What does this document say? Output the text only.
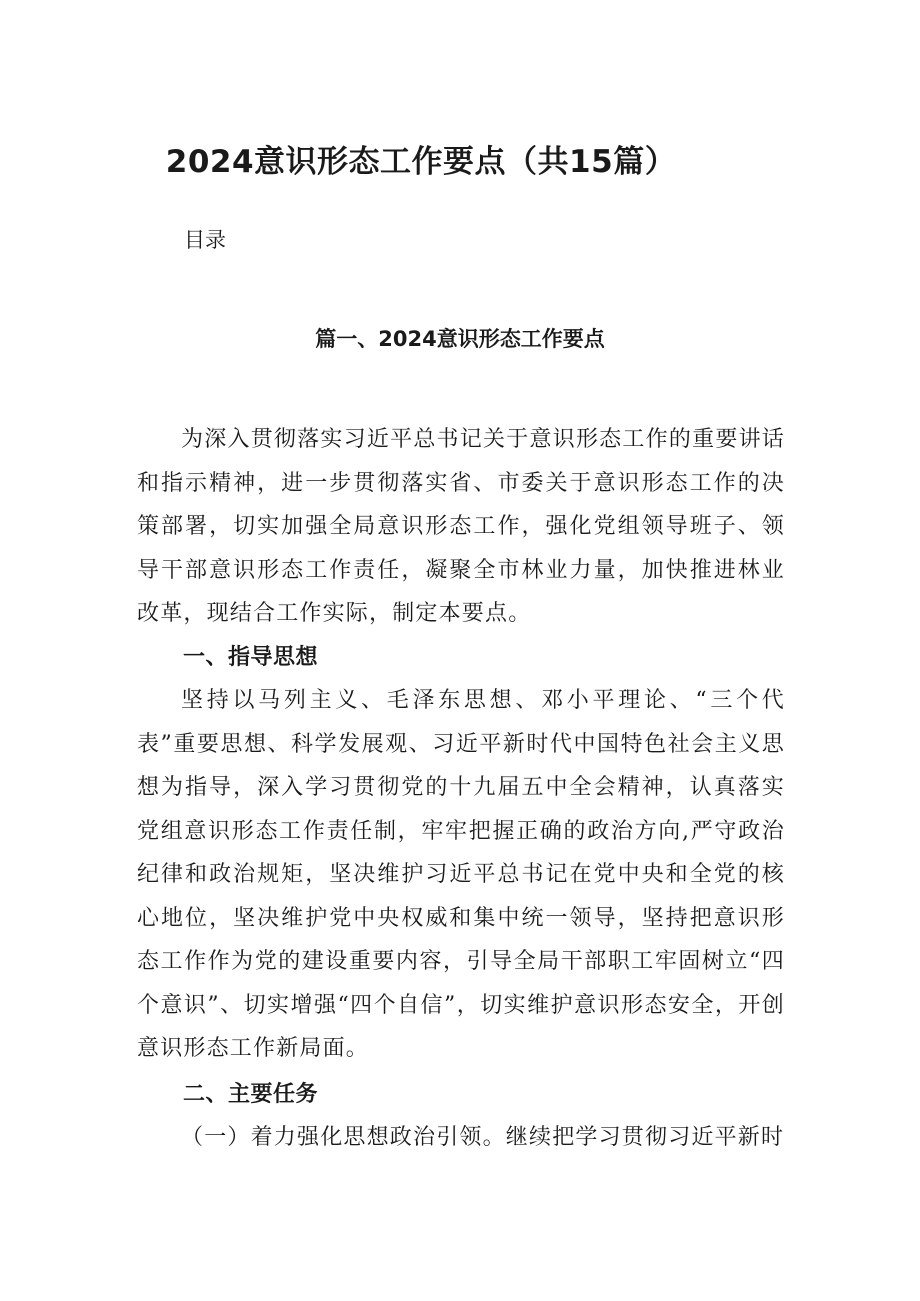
2024意识形态工作要点（共15篇）
目录
篇一、2024意识形态工作要点

为深入贯彻落实习近平总书记关于意识形态工作的重要讲话和指示精神，进一步贯彻落实省、市委关于意识形态工作的决策部署，切实加强全局意识形态工作，强化党组领导班子、领导干部意识形态工作责任，凝聚全市林业力量，加快推进林业改革，现结合工作实际，制定本要点。

一、指导思想

坚持以马列主义、毛泽东思想、邓小平理论、“三个代表”重要思想、科学发展观、习近平新时代中国特色社会主义思想为指导，深入学习贯彻党的十九届五中全会精神，认真落实党组意识形态工作责任制，牢牢把握正确的政治方向,严守政治纪律和政治规矩，坚决维护习近平总书记在党中央和全党的核心地位，坚决维护党中央权威和集中统一领导，坚持把意识形态工作作为党的建设重要内容，引导全局干部职工牢固树立“四个意识”、切实增强“四个自信”，切实维护意识形态安全，开创意识形态工作新局面。

二、主要任务

（一）着力强化思想政治引领。继续把学习贯彻习近平新时
